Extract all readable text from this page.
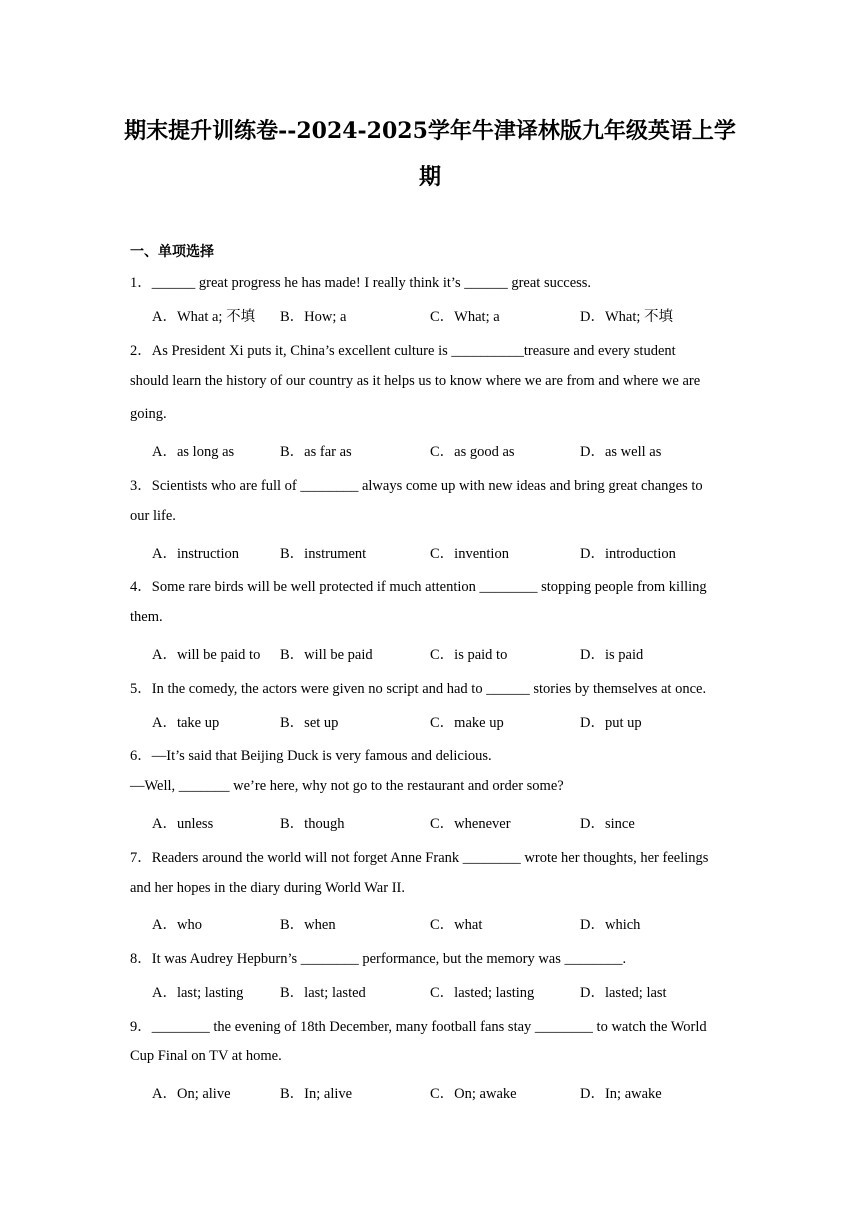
期末提升训练卷--2024-2025学年牛津译林版九年级英语上学
期
一、单项选择
1．______ great progress he has made! I really think it’s ______ great success.
A．What a; 不填 B．How; a	C．What; a	D．What; 不填
2．As President Xi puts it, China’s excellent culture is __________treasure and every student
should learn the history of our country as it helps us to know where we are from and where we are
going.
A．as long as	B．as far as	C．as good as	D．as well as
3．Scientists who are full of ________ always come up with new ideas and bring great changes to
our life.
A．instruction	B．instrument	C．invention	D．introduction
4．Some rare birds will be well protected if much attention ________ stopping people from killing
them.
A．will be paid to B．will be paid	C．is paid to	D．is paid
5．In the comedy, the actors were given no script and had to ______ stories by themselves at once.
A．take up	B．set up	C．make up	D．put up
6．—It’s said that Beijing Duck is very famous and delicious.
—Well, _______ we’re here, why not go to the restaurant and order some?
A．unless	B．though	C．whenever	D．since
7．Readers around the world will not forget Anne Frank ________ wrote her thoughts, her feelings
and her hopes in the diary during World War II.
A．who	B．when	C．what	D．which
8．It was Audrey Hepburn’s ________ performance, but the memory was ________.
A．last; lasting	B．last; lasted	C．lasted; lasting	D．lasted; last
9．________ the evening of 18th December, many football fans stay ________ to watch the World
Cup Final on TV at home.
A．On; alive	B．In; alive	C．On; awake	D．In; awake
